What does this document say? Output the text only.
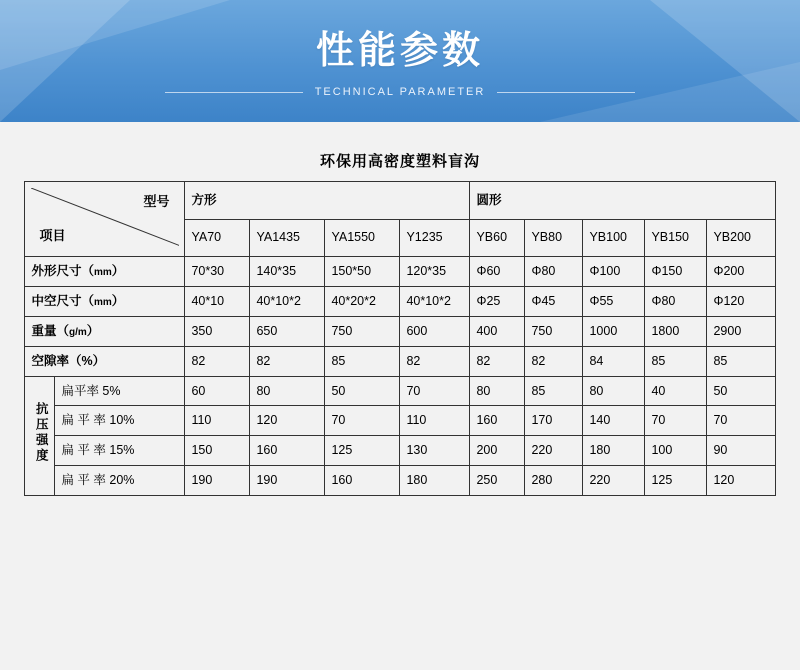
性能参数
TECHNICAL PARAMETER
环保用高密度塑料盲沟
型号
项目		方形				圆形				
		YA70	YA1435	YA1550	Y1235	YB60	YB80	YB100	YB150	YB200
外形尺寸（mm）		70*30	140*35	150*50	120*35	Φ60	Φ80	Φ100	Φ150	Φ200
中空尺寸（mm）		40*10	40*10*2	40*20*2	40*10*2	Φ25	Φ45	Φ55	Φ80	Φ120
重量（g/m）		350	650	750	600	400	750	1000	1800	2900
空隙率（%）		82	82	85	82	82	82	84	85	85
抗压强度	扁平率 5%	60	80	50	70	80	85	80	40	50
	扁 平 率 10%	110	120	70	110	160	170	140	70	70
	扁 平 率 15%	150	160	125	130	200	220	180	100	90
	扁 平 率 20%	190	190	160	180	250	280	220	125	120
